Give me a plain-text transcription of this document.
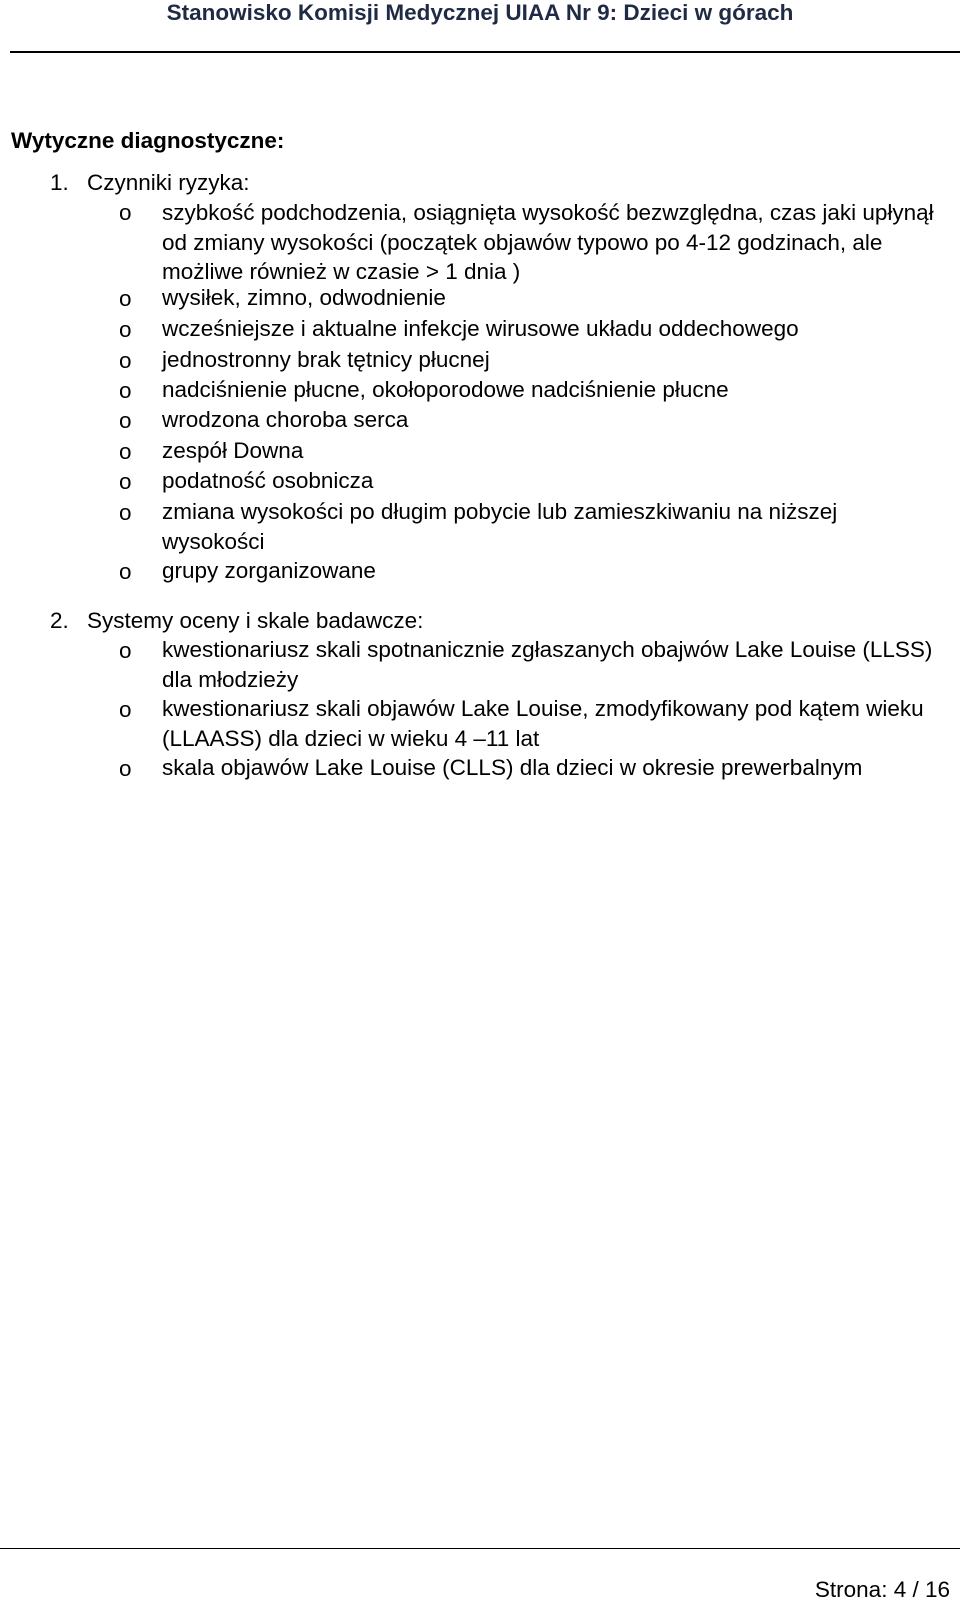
Stanowisko Komisji Medycznej UIAA Nr 9: Dzieci w górach
Wytyczne diagnostyczne:
1. Czynniki ryzyka:
o szybkość podchodzenia, osiągnięta wysokość bezwzględna, czas jaki upłynął od zmiany wysokości (początek objawów typowo po 4-12 godzinach, ale możliwe również w czasie > 1 dnia )
o wysiłek, zimno, odwodnienie
o wcześniejsze i aktualne infekcje wirusowe układu oddechowego
o jednostronny brak tętnicy płucnej
o nadciśnienie płucne, okołoporodowe nadciśnienie płucne
o wrodzona choroba serca
o zespół Downa
o podatność osobnicza
o zmiana wysokości po długim pobycie lub zamieszkiwaniu na niższej wysokości
o grupy zorganizowane
2. Systemy oceny i skale badawcze:
o kwestionariusz skali spotnanicznie zgłaszanych obajwów Lake Louise (LLSS) dla młodzieży
o kwestionariusz skali objawów Lake Louise, zmodyfikowany pod kątem wieku (LLAASS) dla dzieci w wieku 4 –11 lat
o skala objawów Lake Louise (CLLS) dla dzieci w okresie prewerbalnym
Strona: 4 / 16
